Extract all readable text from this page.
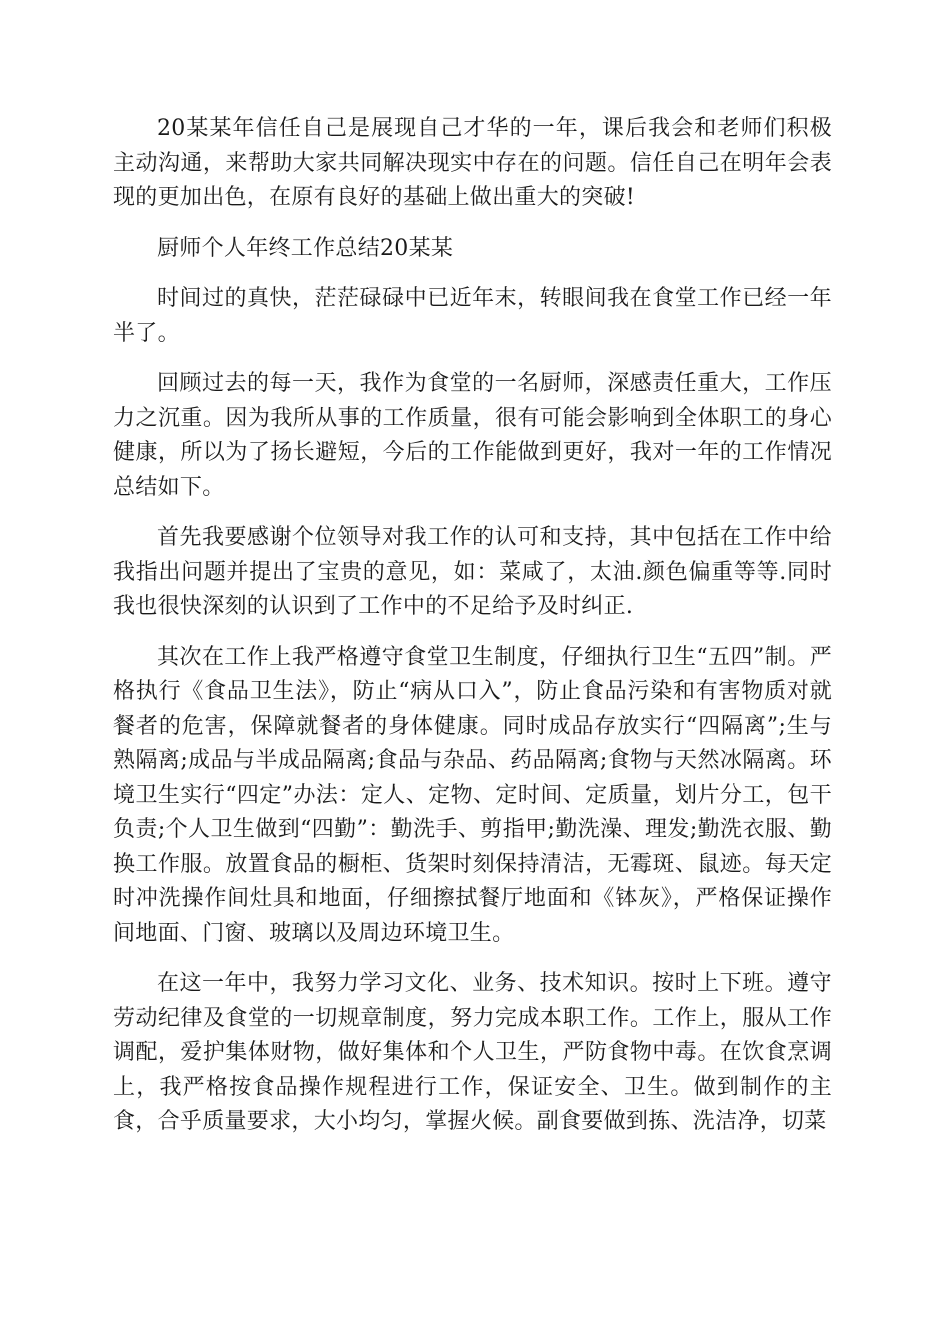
20某某年信任自己是展现自己才华的一年，课后我会和老师们积极主动沟通，来帮助大家共同解决现实中存在的问题。信任自己在明年会表现的更加出色，在原有良好的基础上做出重大的突破!

厨师个人年终工作总结20某某

时间过的真快，茫茫碌碌中已近年末，转眼间我在食堂工作已经一年半了。

回顾过去的每一天，我作为食堂的一名厨师，深感责任重大，工作压力之沉重。因为我所从事的工作质量，很有可能会影响到全体职工的身心健康，所以为了扬长避短，今后的工作能做到更好，我对一年的工作情况总结如下。

首先我要感谢个位领导对我工作的认可和支持，其中包括在工作中给我指出问题并提出了宝贵的意见，如：菜咸了，太油.颜色偏重等等.同时我也很快深刻的认识到了工作中的不足给予及时纠正.

其次在工作上我严格遵守食堂卫生制度，仔细执行卫生“五四”制。严格执行《食品卫生法》，防止“病从口入”，防止食品污染和有害物质对就餐者的危害，保障就餐者的身体健康。同时成品存放实行“四隔离”;生与熟隔离;成品与半成品隔离;食品与杂品、药品隔离;食物与天然冰隔离。环境卫生实行“四定”办法：定人、定物、定时间、定质量，划片分工，包干负责;个人卫生做到“四勤”：勤洗手、剪指甲;勤洗澡、理发;勤洗衣服、勤换工作服。放置食品的橱柜、货架时刻保持清洁，无霉斑、鼠迹。每天定时冲洗操作间灶具和地面，仔细擦拭餐厅地面和《钵灰》，严格保证操作间地面、门窗、玻璃以及周边环境卫生。

在这一年中，我努力学习文化、业务、技术知识。按时上下班。遵守劳动纪律及食堂的一切规章制度，努力完成本职工作。工作上，服从工作调配，爱护集体财物，做好集体和个人卫生，严防食物中毒。在饮食烹调上，我严格按食品操作规程进行工作，保证安全、卫生。做到制作的主食，合乎质量要求，大小均匀，掌握火候。副食要做到拣、洗洁净，切菜
